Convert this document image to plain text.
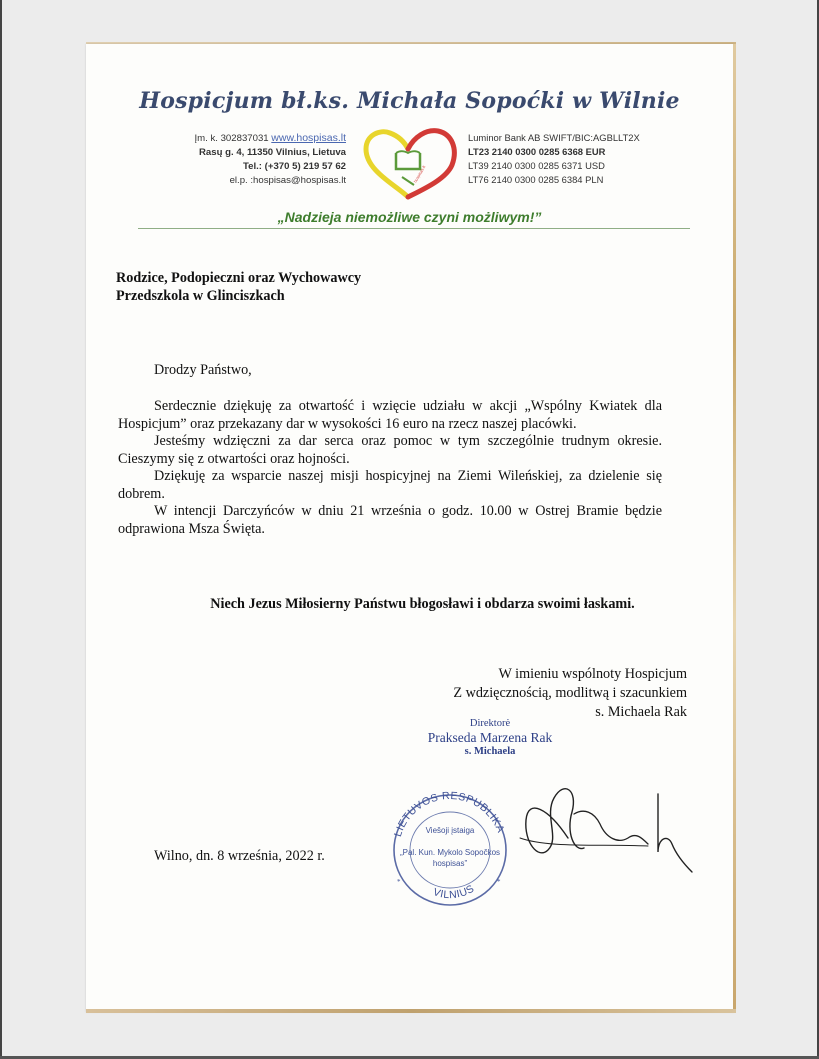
Hospicjum bł.ks. Michała Sopoćki w Wilnie
Įm. k. 302837031 www.hospisas.lt
Rasų g. 4, 11350 Vilnius, Lietuva
Tel.: (+370 5) 219 57 62
el.p. :hospisas@hospisas.lt	hospisas.lt
Luminor Bank AB SWIFT/BIC:AGBLLT2X
LT23 2140 0300 0285 6368 EUR
LT39 2140 0300 0285 6371 USD
LT76 2140 0300 0285 6384 PLN
„Nadzieja niemożliwe czyni możliwym!”
Rodzice, Podopieczni oraz Wychowawcy
Przedszkola w Glinciszkach
Drodzy Państwo,

Serdecznie dziękuję za otwartość i wzięcie udziału w akcji „Wspólny Kwiatek dla Hospicjum” oraz przekazany dar w wysokości 16 euro na rzecz naszej placówki.

Jesteśmy wdzięczni za dar serca oraz pomoc w tym szczególnie trudnym okresie. Cieszymy się z otwartości oraz hojności.

Dziękuję za wsparcie naszej misji hospicyjnej na Ziemi Wileńskiej, za dzielenie się dobrem.

W intencji Darczyńców w dniu 21 września o godz. 10.00 w Ostrej Bramie będzie odprawiona Msza Święta.

Niech Jezus Miłosierny Państwu błogosławi i obdarza swoimi łaskami.
W imieniu wspólnoty Hospicjum
Z wdzięcznością, modlitwą i szacunkiem
s. Michaela Rak
Direktorė
Prakseda Marzena Rak
s. Michaela
LIETUVOS RESPUBLIKA
Viešoji įstaiga
„Pal. Kun. Mykolo Sopočkos
hospisas”
VILNIUS
*	*
Wilno, dn. 8 września, 2022 r.
